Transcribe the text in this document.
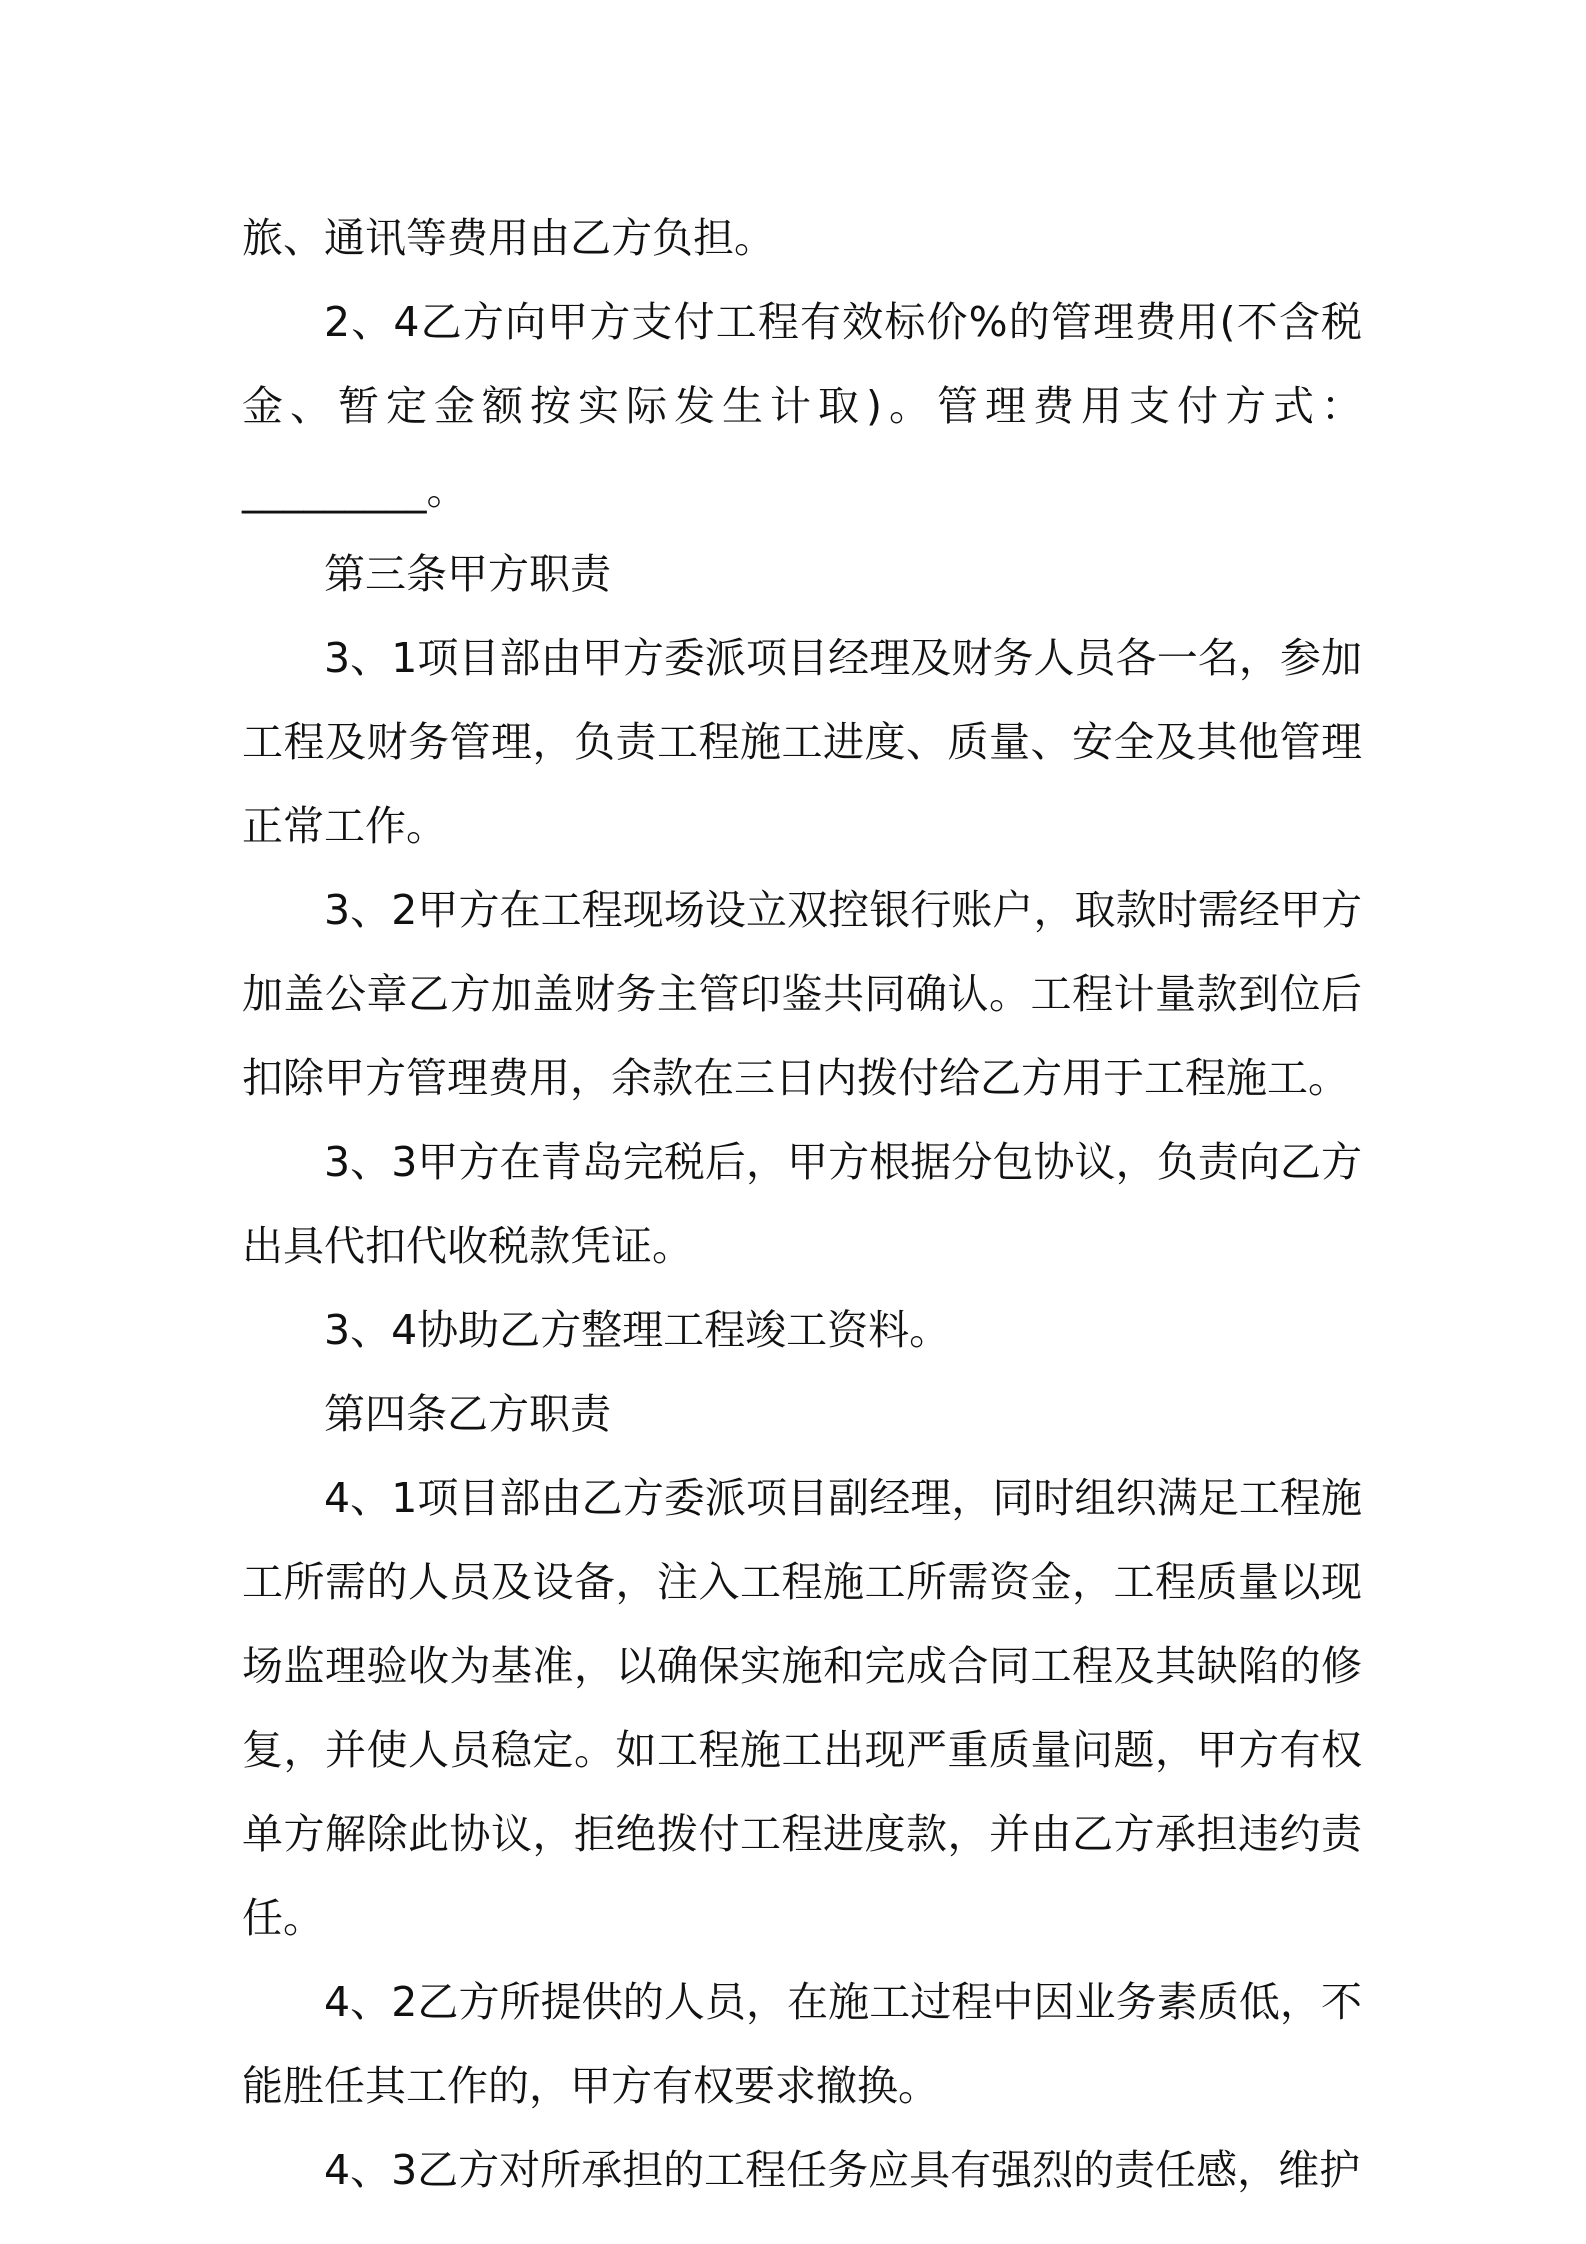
旅、通讯等费用由乙方负担。

2、4乙方向甲方支付工程有效标价%的管理费用(不含税金、暂定金额按实际发生计取)。管理费用支付方式：_________。

第三条甲方职责

3、1项目部由甲方委派项目经理及财务人员各一名，参加工程及财务管理，负责工程施工进度、质量、安全及其他管理正常工作。

3、2甲方在工程现场设立双控银行账户，取款时需经甲方加盖公章乙方加盖财务主管印鉴共同确认。工程计量款到位后扣除甲方管理费用，余款在三日内拨付给乙方用于工程施工。

3、3甲方在青岛完税后，甲方根据分包协议，负责向乙方出具代扣代收税款凭证。

3、4协助乙方整理工程竣工资料。

第四条乙方职责

4、1项目部由乙方委派项目副经理，同时组织满足工程施工所需的人员及设备，注入工程施工所需资金，工程质量以现场监理验收为基准，以确保实施和完成合同工程及其缺陷的修复，并使人员稳定。如工程施工出现严重质量问题，甲方有权单方解除此协议，拒绝拨付工程进度款，并由乙方承担违约责任。

4、2乙方所提供的人员，在施工过程中因业务素质低，不能胜任其工作的，甲方有权要求撤换。

4、3乙方对所承担的工程任务应具有强烈的责任感，维护
